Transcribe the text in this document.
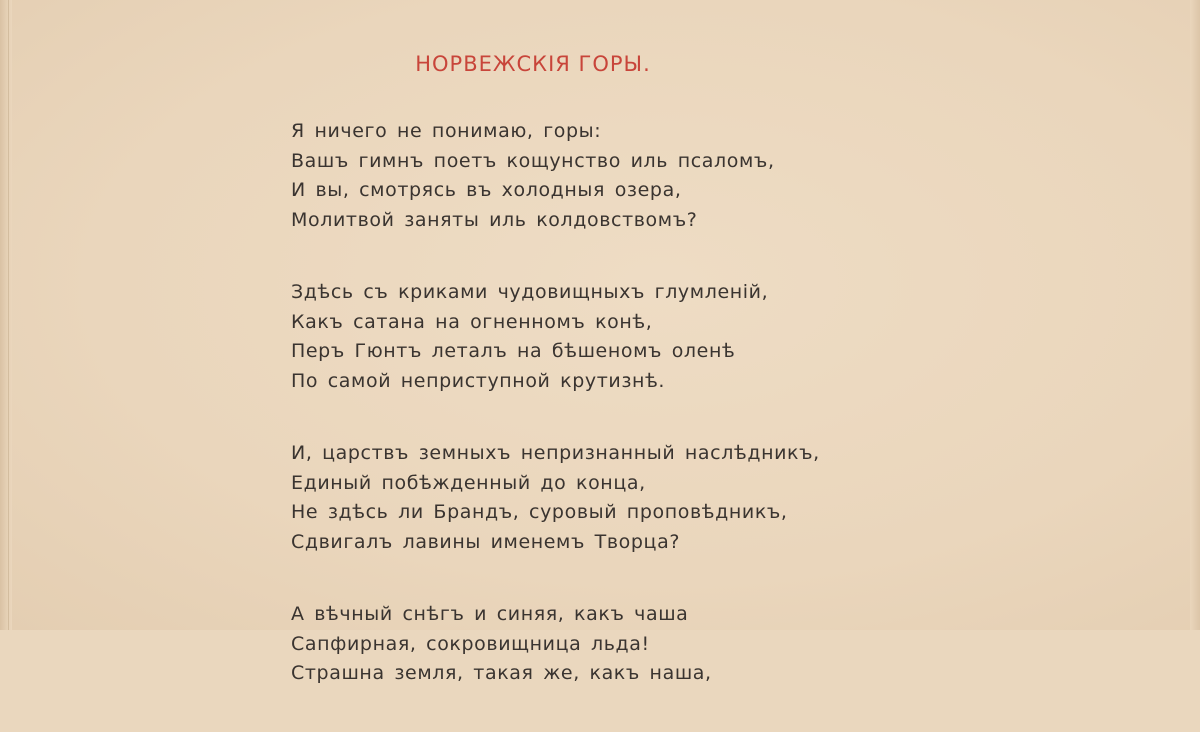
НОРВЕЖСКIЯ ГОРЫ.
Я ничего не понимаю, горы:
Вашъ гимнъ поетъ кощунство иль псаломъ,
И вы, смотрясь въ холодныя озера,
Молитвой заняты иль колдовствомъ?
Здѣсь съ криками чудовищныхъ глумленiй,
Какъ сатана на огненномъ конѣ,
Перъ Гюнтъ леталъ на бѣшеномъ оленѣ
По самой неприступной крутизнѣ.
И, царствъ земныхъ непризнанный наслѣдникъ,
Единый побѣжденный до конца,
Не здѣсь ли Брандъ, суровый проповѣдникъ,
Сдвигалъ лавины именемъ Творца?
А вѣчный снѣгъ и синяя, какъ чаша
Сапфирная, сокровищница льда!
Страшна земля, такая же, какъ наша,
